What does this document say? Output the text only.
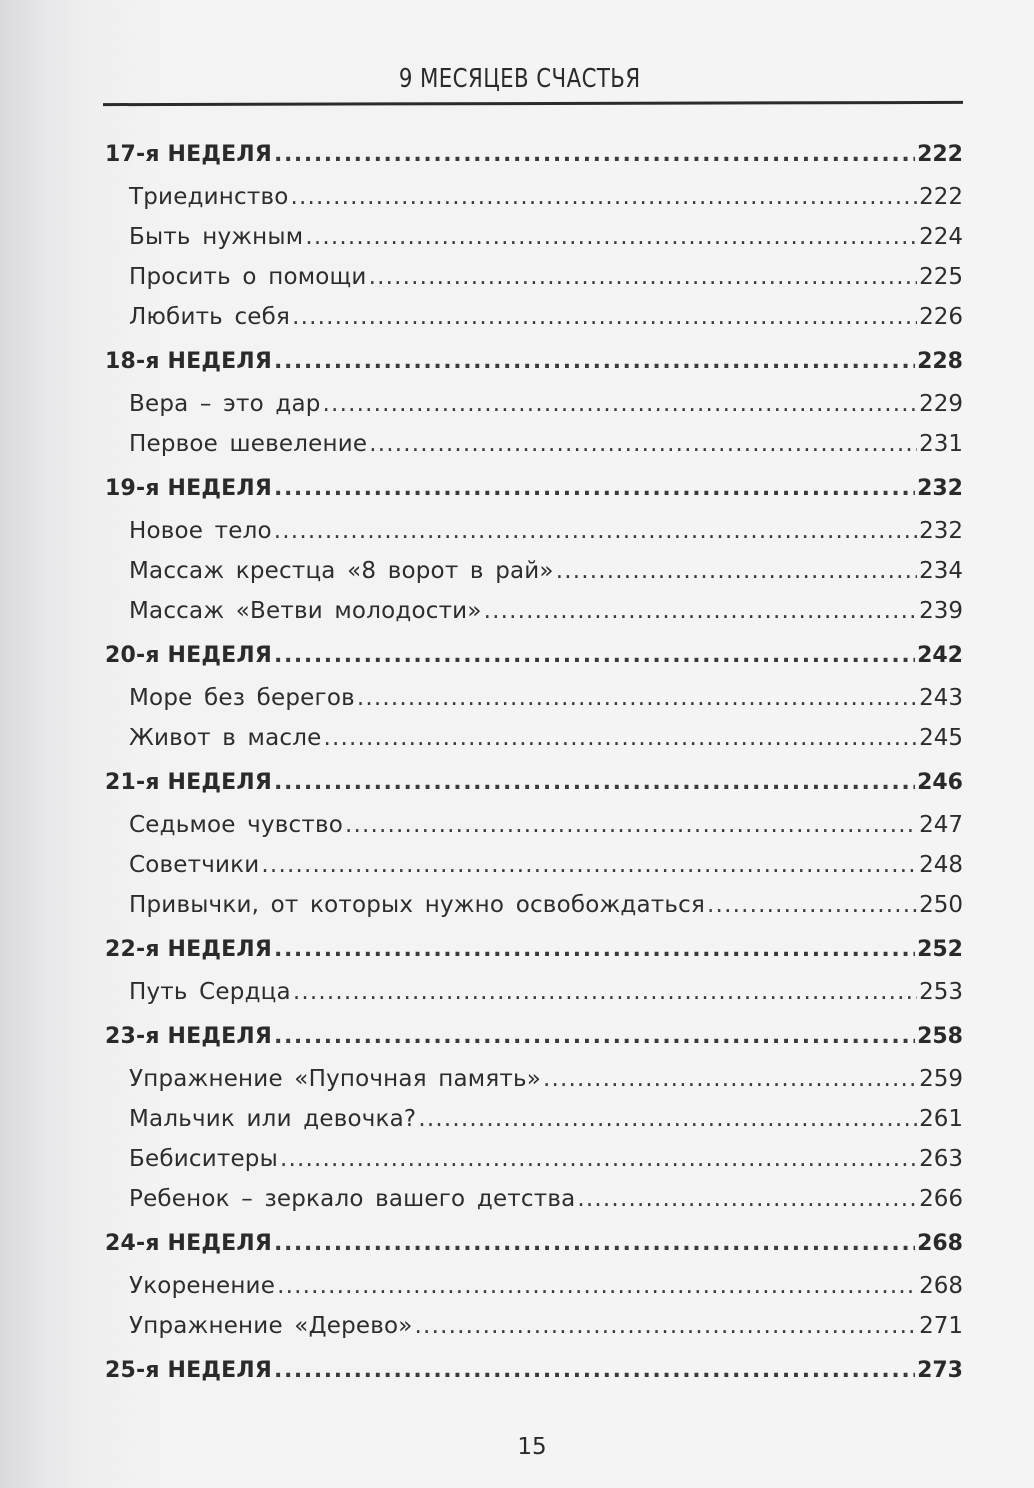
9 МЕСЯЦЕВ СЧАСТЬЯ
17-я НЕДЕЛЯ .....	222
Триединство .....	222
Быть нужным .....	224
Просить о помощи .....	225
Любить себя .....	226
18-я НЕДЕЛЯ .....	228
Вера – это дар .....	229
Первое шевеление .....	231
19-я НЕДЕЛЯ .....	232
Новое тело .....	232
Массаж крестца «8 ворот в рай» .....	234
Массаж «Ветви молодости» .....	239
20-я НЕДЕЛЯ .....	242
Море без берегов .....	243
Живот в масле .....	245
21-я НЕДЕЛЯ .....	246
Седьмое чувство .....	247
Советчики .....	248
Привычки, от которых нужно освобождаться .....	250
22-я НЕДЕЛЯ .....	252
Путь Сердца .....	253
23-я НЕДЕЛЯ .....	258
Упражнение «Пупочная память» .....	259
Мальчик или девочка? .....	261
Бебиситеры .....	263
Ребенок – зеркало вашего детства .....	266
24-я НЕДЕЛЯ .....	268
Укоренение .....	268
Упражнение «Дерево» .....	271
25-я НЕДЕЛЯ .....	273
15
